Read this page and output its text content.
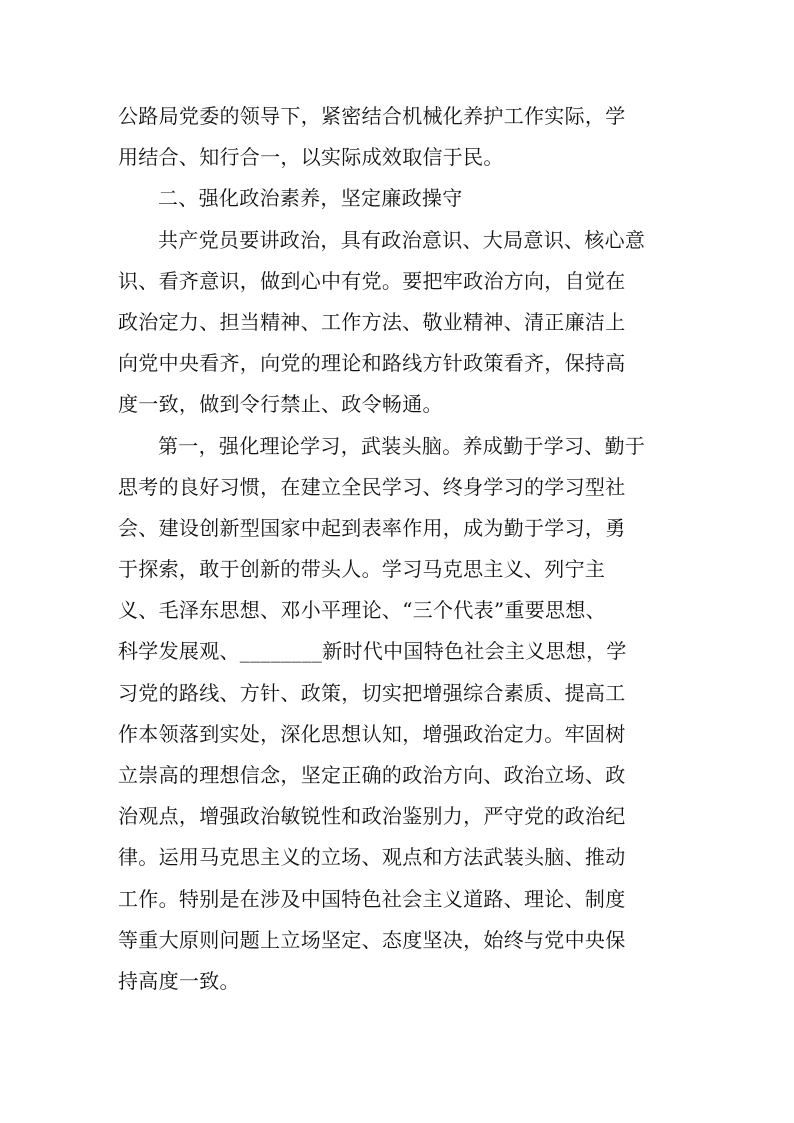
公路局党委的领导下，紧密结合机械化养护工作实际，学
用结合、知行合一，以实际成效取信于民。
二、强化政治素养，坚定廉政操守
共产党员要讲政治，具有政治意识、大局意识、核心意
识、看齐意识，做到心中有党。要把牢政治方向，自觉在
政治定力、担当精神、工作方法、敬业精神、清正廉洁上
向党中央看齐，向党的理论和路线方针政策看齐，保持高
度一致，做到令行禁止、政令畅通。
第一，强化理论学习，武装头脑。养成勤于学习、勤于
思考的良好习惯，在建立全民学习、终身学习的学习型社
会、建设创新型国家中起到表率作用，成为勤于学习，勇
于探索，敢于创新的带头人。学习马克思主义、列宁主
义、毛泽东思想、邓小平理论、“三个代表”重要思想、
科学发展观、________新时代中国特色社会主义思想，学
习党的路线、方针、政策，切实把增强综合素质、提高工
作本领落到实处，深化思想认知，增强政治定力。牢固树
立崇高的理想信念，坚定正确的政治方向、政治立场、政
治观点，增强政治敏锐性和政治鉴别力，严守党的政治纪
律。运用马克思主义的立场、观点和方法武装头脑、推动
工作。特别是在涉及中国特色社会主义道路、理论、制度
等重大原则问题上立场坚定、态度坚决，始终与党中央保
持高度一致。
